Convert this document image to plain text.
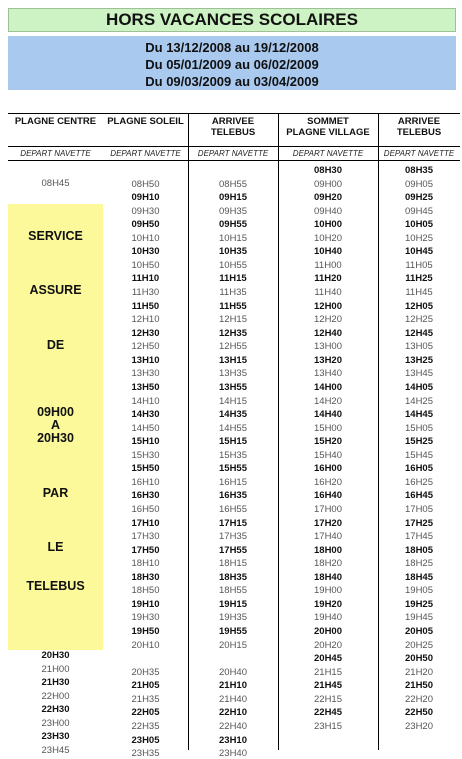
HORS VACANCES SCOLAIRES
Du 13/12/2008 au 19/12/2008
Du 05/01/2009 au 06/02/2009
Du 09/03/2009 au 03/04/2009
PLAGNE CENTRE
DEPART NAVETTE
PLAGNE SOLEIL
DEPART NAVETTE
ARRIVEE
TELEBUS
DEPART NAVETTE
SOMMET
PLAGNE VILLAGE
DEPART NAVETTE
ARRIVEE
TELEBUS
DEPART NAVETTE
SERVICE
ASSURE
DE
09H00
A
20H30
PAR
LE
TELEBUS
08H45
20H30
21H00
21H30
22H00
22H30
23H00
23H30
23H45
08H50
09H10
09H30
09H50
10H10
10H30
10H50
11H10
11H30
11H50
12H10
12H30
12H50
13H10
13H30
13H50
14H10
14H30
14H50
15H10
15H30
15H50
16H10
16H30
16H50
17H10
17H30
17H50
18H10
18H30
18H50
19H10
19H30
19H50
20H10
20H35
21H05
21H35
22H05
22H35
23H05
23H35
08H55
09H15
09H35
09H55
10H15
10H35
10H55
11H15
11H35
11H55
12H15
12H35
12H55
13H15
13H35
13H55
14H15
14H35
14H55
15H15
15H35
15H55
16H15
16H35
16H55
17H15
17H35
17H55
18H15
18H35
18H55
19H15
19H35
19H55
20H15
20H40
21H10
21H40
22H10
22H40
23H10
23H40
08H30
09H00
09H20
09H40
10H00
10H20
10H40
11H00
11H20
11H40
12H00
12H20
12H40
13H00
13H20
13H40
14H00
14H20
14H40
15H00
15H20
15H40
16H00
16H20
16H40
17H00
17H20
17H40
18H00
18H20
18H40
19H00
19H20
19H40
20H00
20H20
20H45
21H15
21H45
22H15
22H45
23H15
08H35
09H05
09H25
09H45
10H05
10H25
10H45
11H05
11H25
11H45
12H05
12H25
12H45
13H05
13H25
13H45
14H05
14H25
14H45
15H05
15H25
15H45
16H05
16H25
16H45
17H05
17H25
17H45
18H05
18H25
18H45
19H05
19H25
19H45
20H05
20H25
20H50
21H20
21H50
22H20
22H50
23H20
